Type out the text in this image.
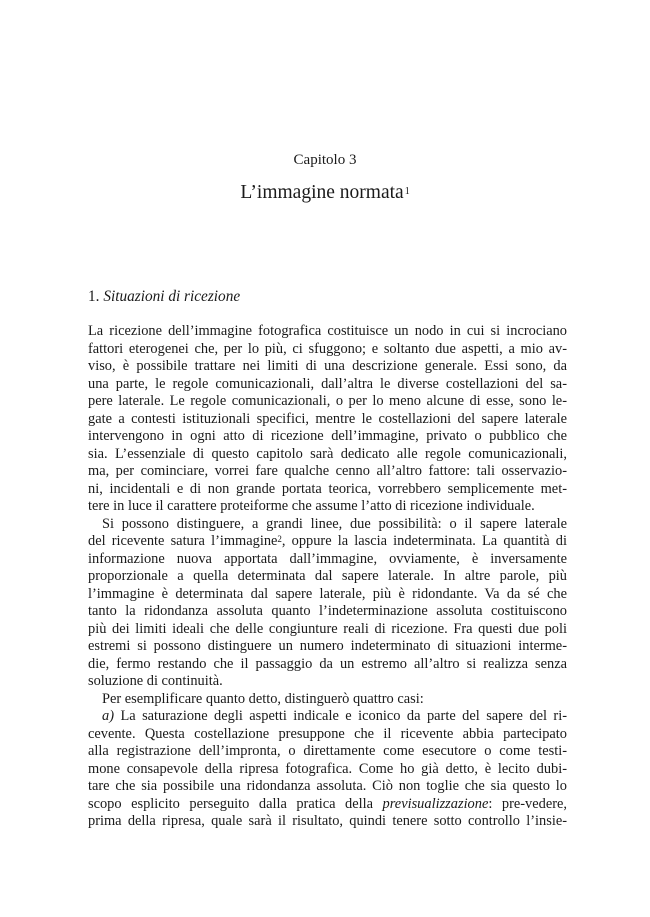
Capitolo 3
L’immagine normata$^1$
1. Situazioni di ricezione
La ricezione dell’immagine fotografica costituisce un nodo in cui si incrociano
fattori eterogenei che, per lo più, ci sfuggono; e soltanto due aspetti, a mio av-
viso, è possibile trattare nei limiti di una descrizione generale. Essi sono, da
una parte, le regole comunicazionali, dall’altra le diverse costellazioni del sa-
pere laterale. Le regole comunicazionali, o per lo meno alcune di esse, sono le-
gate a contesti istituzionali specifici, mentre le costellazioni del sapere laterale
intervengono in ogni atto di ricezione dell’immagine, privato o pubblico che
sia. L’essenziale di questo capitolo sarà dedicato alle regole comunicazionali,
ma, per cominciare, vorrei fare qualche cenno all’altro fattore: tali osservazio-
ni, incidentali e di non grande portata teorica, vorrebbero semplicemente met-
tere in luce il carattere proteiforme che assume l’atto di ricezione individuale.
Si possono distinguere, a grandi linee, due possibilità: o il sapere laterale
del ricevente satura l’immagine$^2$, oppure la lascia indeterminata. La quantità di
informazione nuova apportata dall’immagine, ovviamente, è inversamente
proporzionale a quella determinata dal sapere laterale. In altre parole, più
l’immagine è determinata dal sapere laterale, più è ridondante. Va da sé che
tanto la ridondanza assoluta quanto l’indeterminazione assoluta costituiscono
più dei limiti ideali che delle congiunture reali di ricezione. Fra questi due poli
estremi si possono distinguere un numero indeterminato di situazioni interme-
die, fermo restando che il passaggio da un estremo all’altro si realizza senza
soluzione di continuità.
Per esemplificare quanto detto, distinguerò quattro casi:
a) La saturazione degli aspetti indicale e iconico da parte del sapere del ri-
cevente. Questa costellazione presuppone che il ricevente abbia partecipato
alla registrazione dell’impronta, o direttamente come esecutore o come testi-
mone consapevole della ripresa fotografica. Come ho già detto, è lecito dubi-
tare che sia possibile una ridondanza assoluta. Ciò non toglie che sia questo lo
scopo esplicito perseguito dalla pratica della previsualizzazione: pre-vedere,
prima della ripresa, quale sarà il risultato, quindi tenere sotto controllo l’insie-
